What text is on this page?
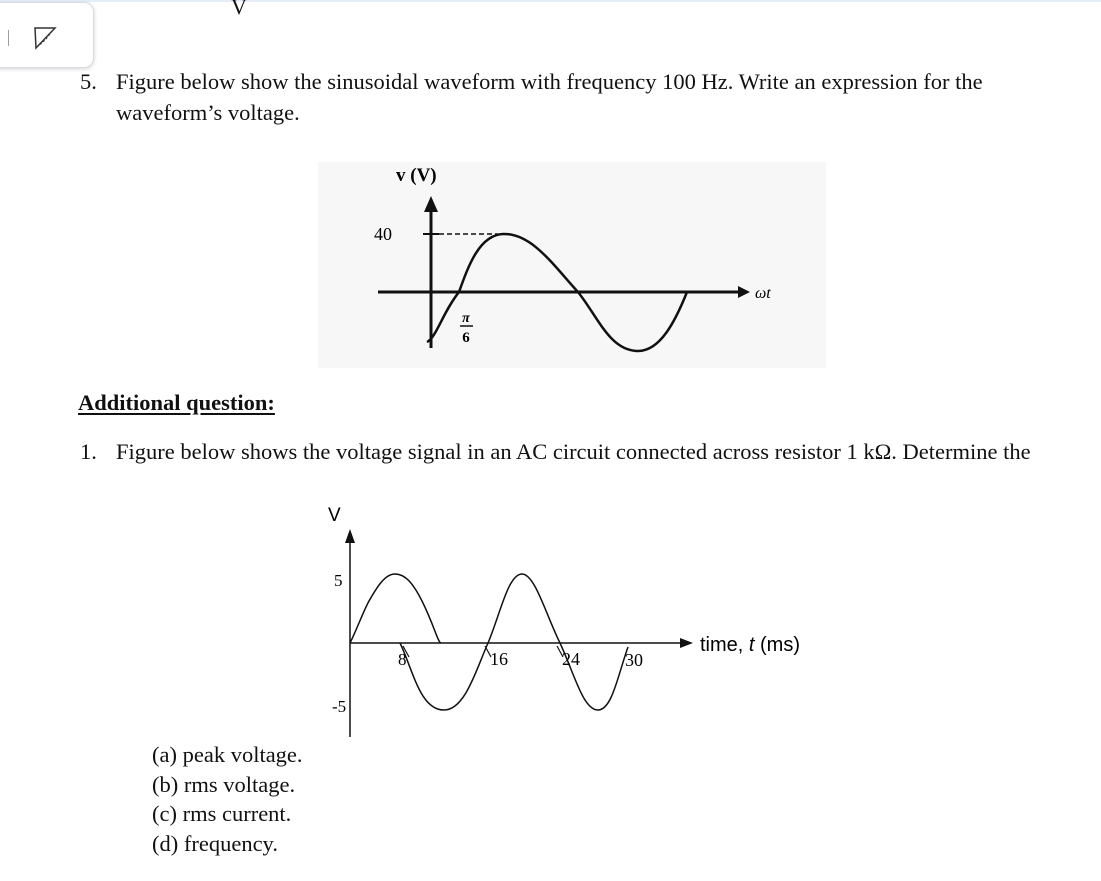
V
5. Figure below show the sinusoidal waveform with frequency 100 Hz. Write an expression for the waveform’s voltage.
v (V)
40
π
6
ωt
Additional question:
1. Figure below shows the voltage signal in an AC circuit connected across resistor 1 kΩ. Determine the
V
5
-5
8	16	24	30
time, t (ms)
(a) peak voltage.
(b) rms voltage.
(c) rms current.
(d) frequency.
